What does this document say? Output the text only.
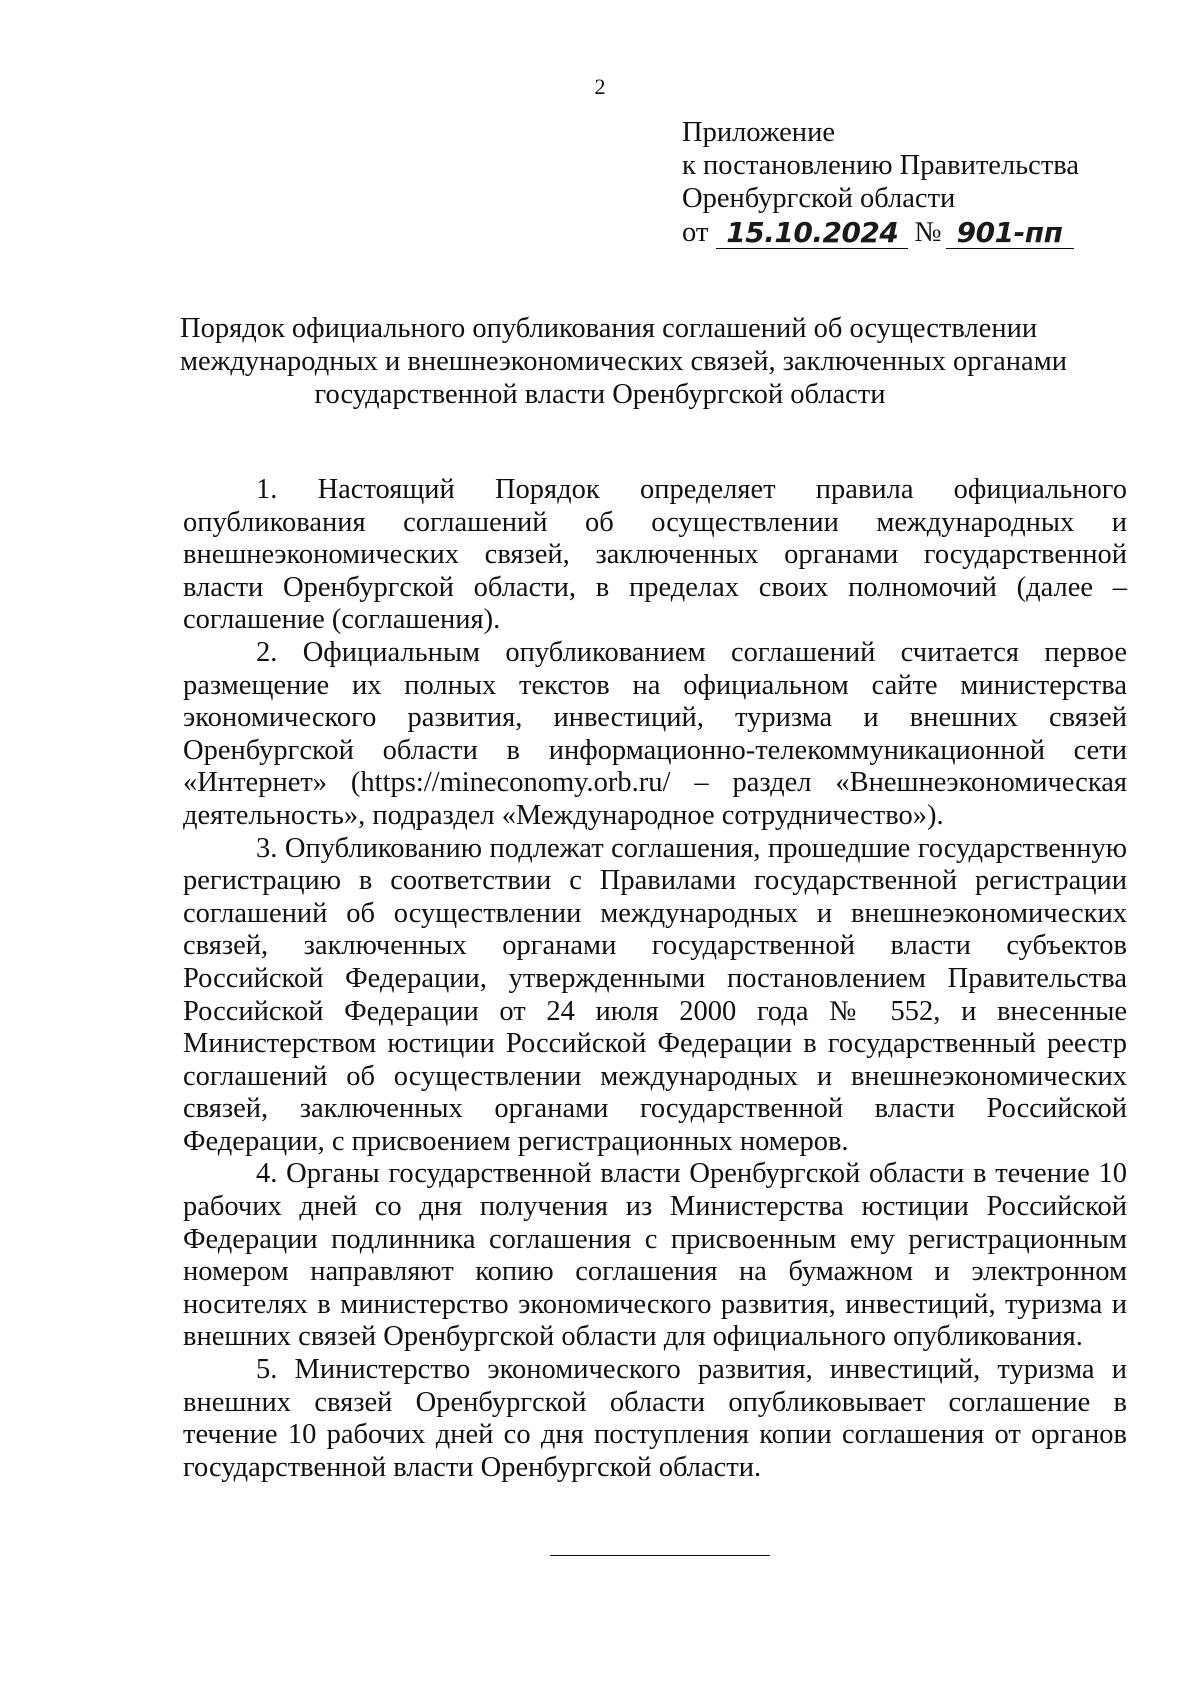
2
Приложение
к постановлению Правительства
Оренбургской области
от 15.10.2024 № 901-пп
Порядок официального опубликования соглашений об осуществлении
международных и внешнеэкономических связей, заключенных органами
государственной власти Оренбургской области

1. Настоящий Порядок определяет правила официального опубликования соглашений об осуществлении международных и внешнеэкономических связей, заключенных органами государственной власти Оренбургской области, в пределах своих полномочий (далее – соглашение (соглашения).

2. Официальным опубликованием соглашений считается первое размещение их полных текстов на официальном сайте министерства экономического развития, инвестиций, туризма и внешних связей Оренбургской области в информационно-телекоммуникационной сети «Интернет» (https://mineconomy.orb.ru/ – раздел «Внешнеэкономическая деятельность», подраздел «Международное сотрудничество»).

3. Опубликованию подлежат соглашения, прошедшие государственную регистрацию в соответствии с Правилами государственной регистрации соглашений об осуществлении международных и внешнеэкономических связей, заключенных органами государственной власти субъектов Российской Федерации, утвержденными постановлением Правительства Российской Федерации от 24 июля 2000 года № 552, и внесенные Министерством юстиции Российской Федерации в государственный реестр соглашений об осуществлении международных и внешнеэкономических связей, заключенных органами государственной власти Российской Федерации, с присвоением регистрационных номеров.

4. Органы государственной власти Оренбургской области в течение 10 рабочих дней со дня получения из Министерства юстиции Российской Федерации подлинника соглашения с присвоенным ему регистрационным номером направляют копию соглашения на бумажном и электронном носителях в министерство экономического развития, инвестиций, туризма и внешних связей Оренбургской области для официального опубликования.

5. Министерство экономического развития, инвестиций, туризма и внешних связей Оренбургской области опубликовывает соглашение в течение 10 рабочих дней со дня поступления копии соглашения от органов государственной власти Оренбургской области.
